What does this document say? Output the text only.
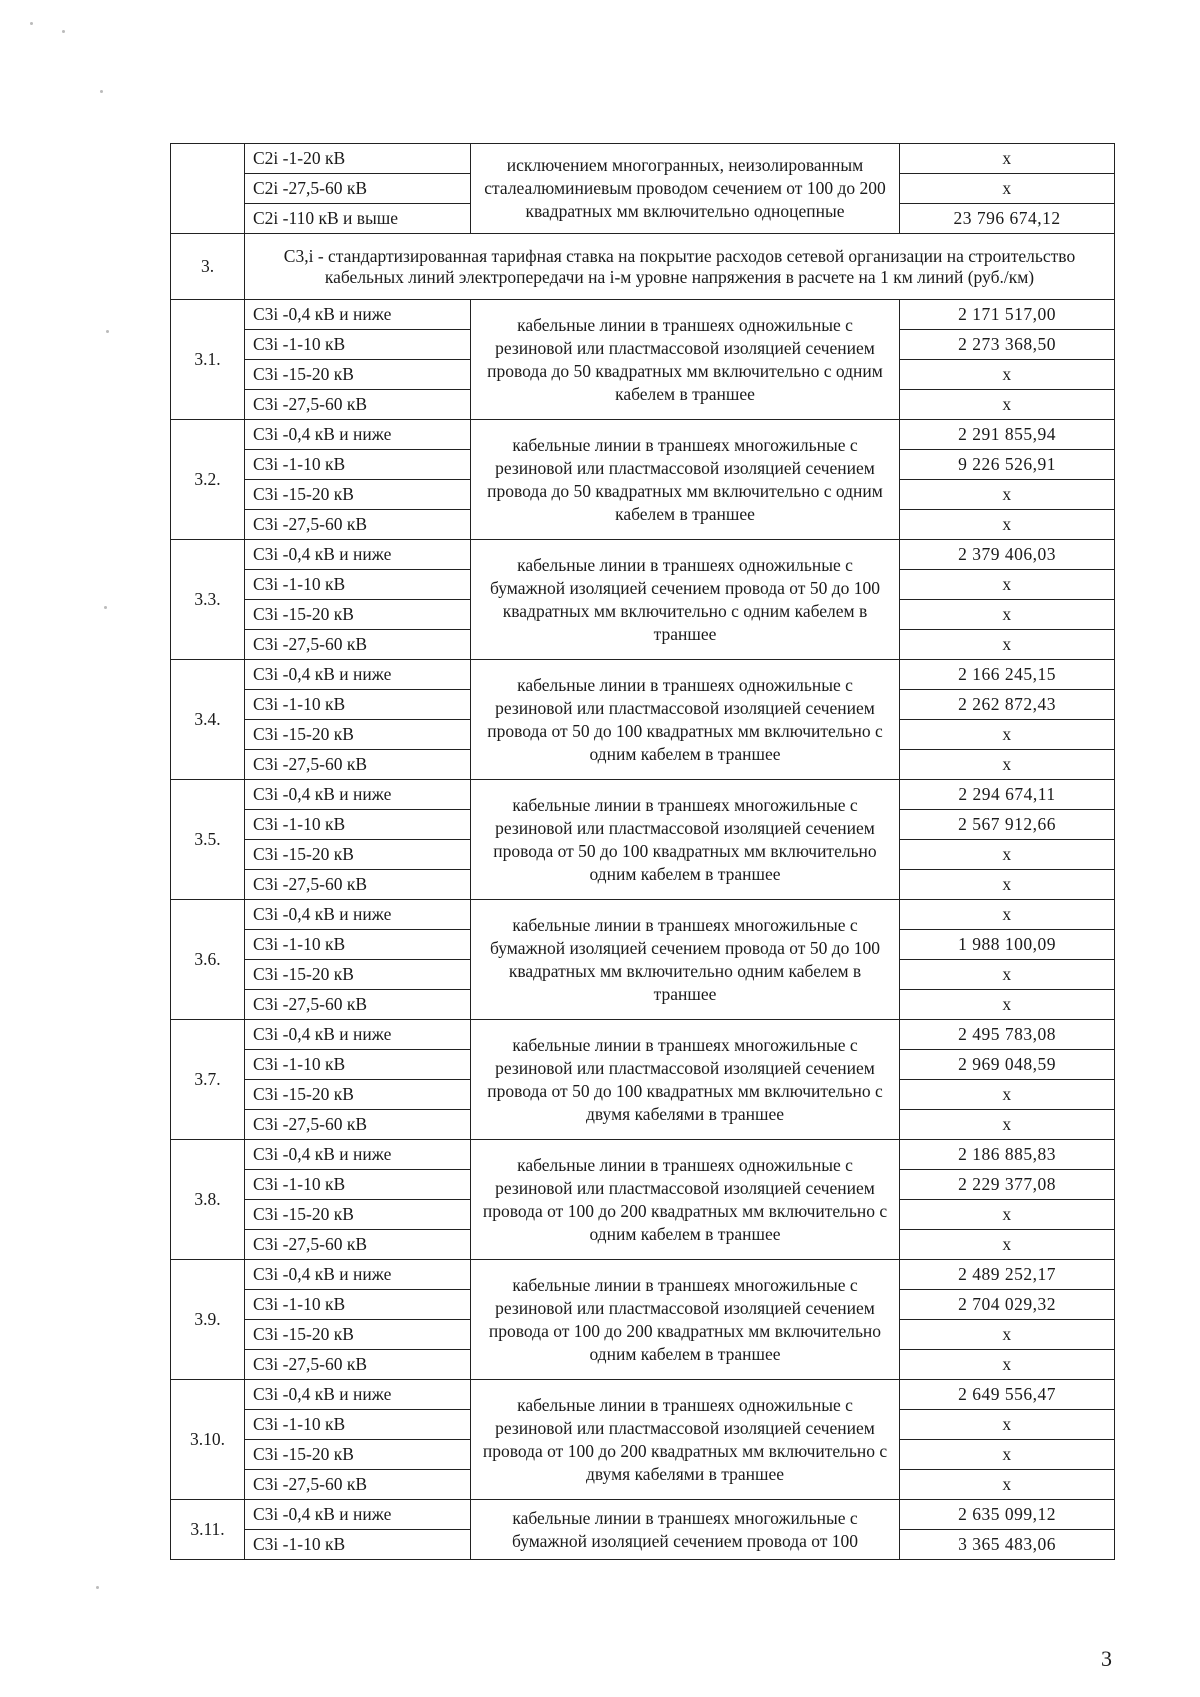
	С2i -1-20 кВ	исключением многогранных, неизолированным сталеалюминиевым проводом сечением от 100 до 200 квадратных мм включительно одноцепные	x
	С2i -27,5-60 кВ		x
	С2i -110 кВ и выше		23 796 674,12
3.	С3,i - стандартизированная тарифная ставка на покрытие расходов сетевой организации на строительство кабельных линий электропередачи на i-м уровне напряжения в расчете на 1 км линий (руб./км)		
3.1.	С3i -0,4 кВ и ниже	кабельные линии в траншеях одножильные с резиновой или пластмассовой изоляцией сечением провода до 50 квадратных мм включительно с одним кабелем в траншее	2 171 517,00
	С3i -1-10 кВ		2 273 368,50
	С3i -15-20 кВ		x
	С3i -27,5-60 кВ		x
3.2.	С3i -0,4 кВ и ниже	кабельные линии в траншеях многожильные с резиновой или пластмассовой изоляцией сечением провода до 50 квадратных мм включительно с одним кабелем в траншее	2 291 855,94
	С3i -1-10 кВ		9 226 526,91
	С3i -15-20 кВ		x
	С3i -27,5-60 кВ		x
3.3.	С3i -0,4 кВ и ниже	кабельные линии в траншеях одножильные с бумажной изоляцией сечением провода от 50 до 100 квадратных мм включительно с одним кабелем в траншее	2 379 406,03
	С3i -1-10 кВ		x
	С3i -15-20 кВ		x
	С3i -27,5-60 кВ		x
3.4.	С3i -0,4 кВ и ниже	кабельные линии в траншеях одножильные с резиновой или пластмассовой изоляцией сечением провода от 50 до 100 квадратных мм включительно с одним кабелем в траншее	2 166 245,15
	С3i -1-10 кВ		2 262 872,43
	С3i -15-20 кВ		x
	С3i -27,5-60 кВ		x
3.5.	С3i -0,4 кВ и ниже	кабельные линии в траншеях многожильные с резиновой или пластмассовой изоляцией сечением провода от 50 до 100 квадратных мм включительно одним кабелем в траншее	2 294 674,11
	С3i -1-10 кВ		2 567 912,66
	С3i -15-20 кВ		x
	С3i -27,5-60 кВ		x
3.6.	С3i -0,4 кВ и ниже	кабельные линии в траншеях многожильные с бумажной изоляцией сечением провода от 50 до 100 квадратных мм включительно одним кабелем в траншее	x
	С3i -1-10 кВ		1 988 100,09
	С3i -15-20 кВ		x
	С3i -27,5-60 кВ		x
3.7.	С3i -0,4 кВ и ниже	кабельные линии в траншеях многожильные с резиновой или пластмассовой изоляцией сечением провода от 50 до 100 квадратных мм включительно с двумя кабелями в траншее	2 495 783,08
	С3i -1-10 кВ		2 969 048,59
	С3i -15-20 кВ		x
	С3i -27,5-60 кВ		x
3.8.	С3i -0,4 кВ и ниже	кабельные линии в траншеях одножильные с резиновой или пластмассовой изоляцией сечением провода от 100 до 200 квадратных мм включительно с одним кабелем в траншее	2 186 885,83
	С3i -1-10 кВ		2 229 377,08
	С3i -15-20 кВ		x
	С3i -27,5-60 кВ		x
3.9.	С3i -0,4 кВ и ниже	кабельные линии в траншеях многожильные с резиновой или пластмассовой изоляцией сечением провода от 100 до 200 квадратных мм включительно одним кабелем в траншее	2 489 252,17
	С3i -1-10 кВ		2 704 029,32
	С3i -15-20 кВ		x
	С3i -27,5-60 кВ		x
3.10.	С3i -0,4 кВ и ниже	кабельные линии в траншеях одножильные с резиновой или пластмассовой изоляцией сечением провода от 100 до 200 квадратных мм включительно с двумя кабелями в траншее	2 649 556,47
	С3i -1-10 кВ		x
	С3i -15-20 кВ		x
	С3i -27,5-60 кВ		x
3.11.	С3i -0,4 кВ и ниже	кабельные линии в траншеях многожильные с бумажной изоляцией сечением провода от 100	2 635 099,12
	С3i -1-10 кВ		3 365 483,06
3
